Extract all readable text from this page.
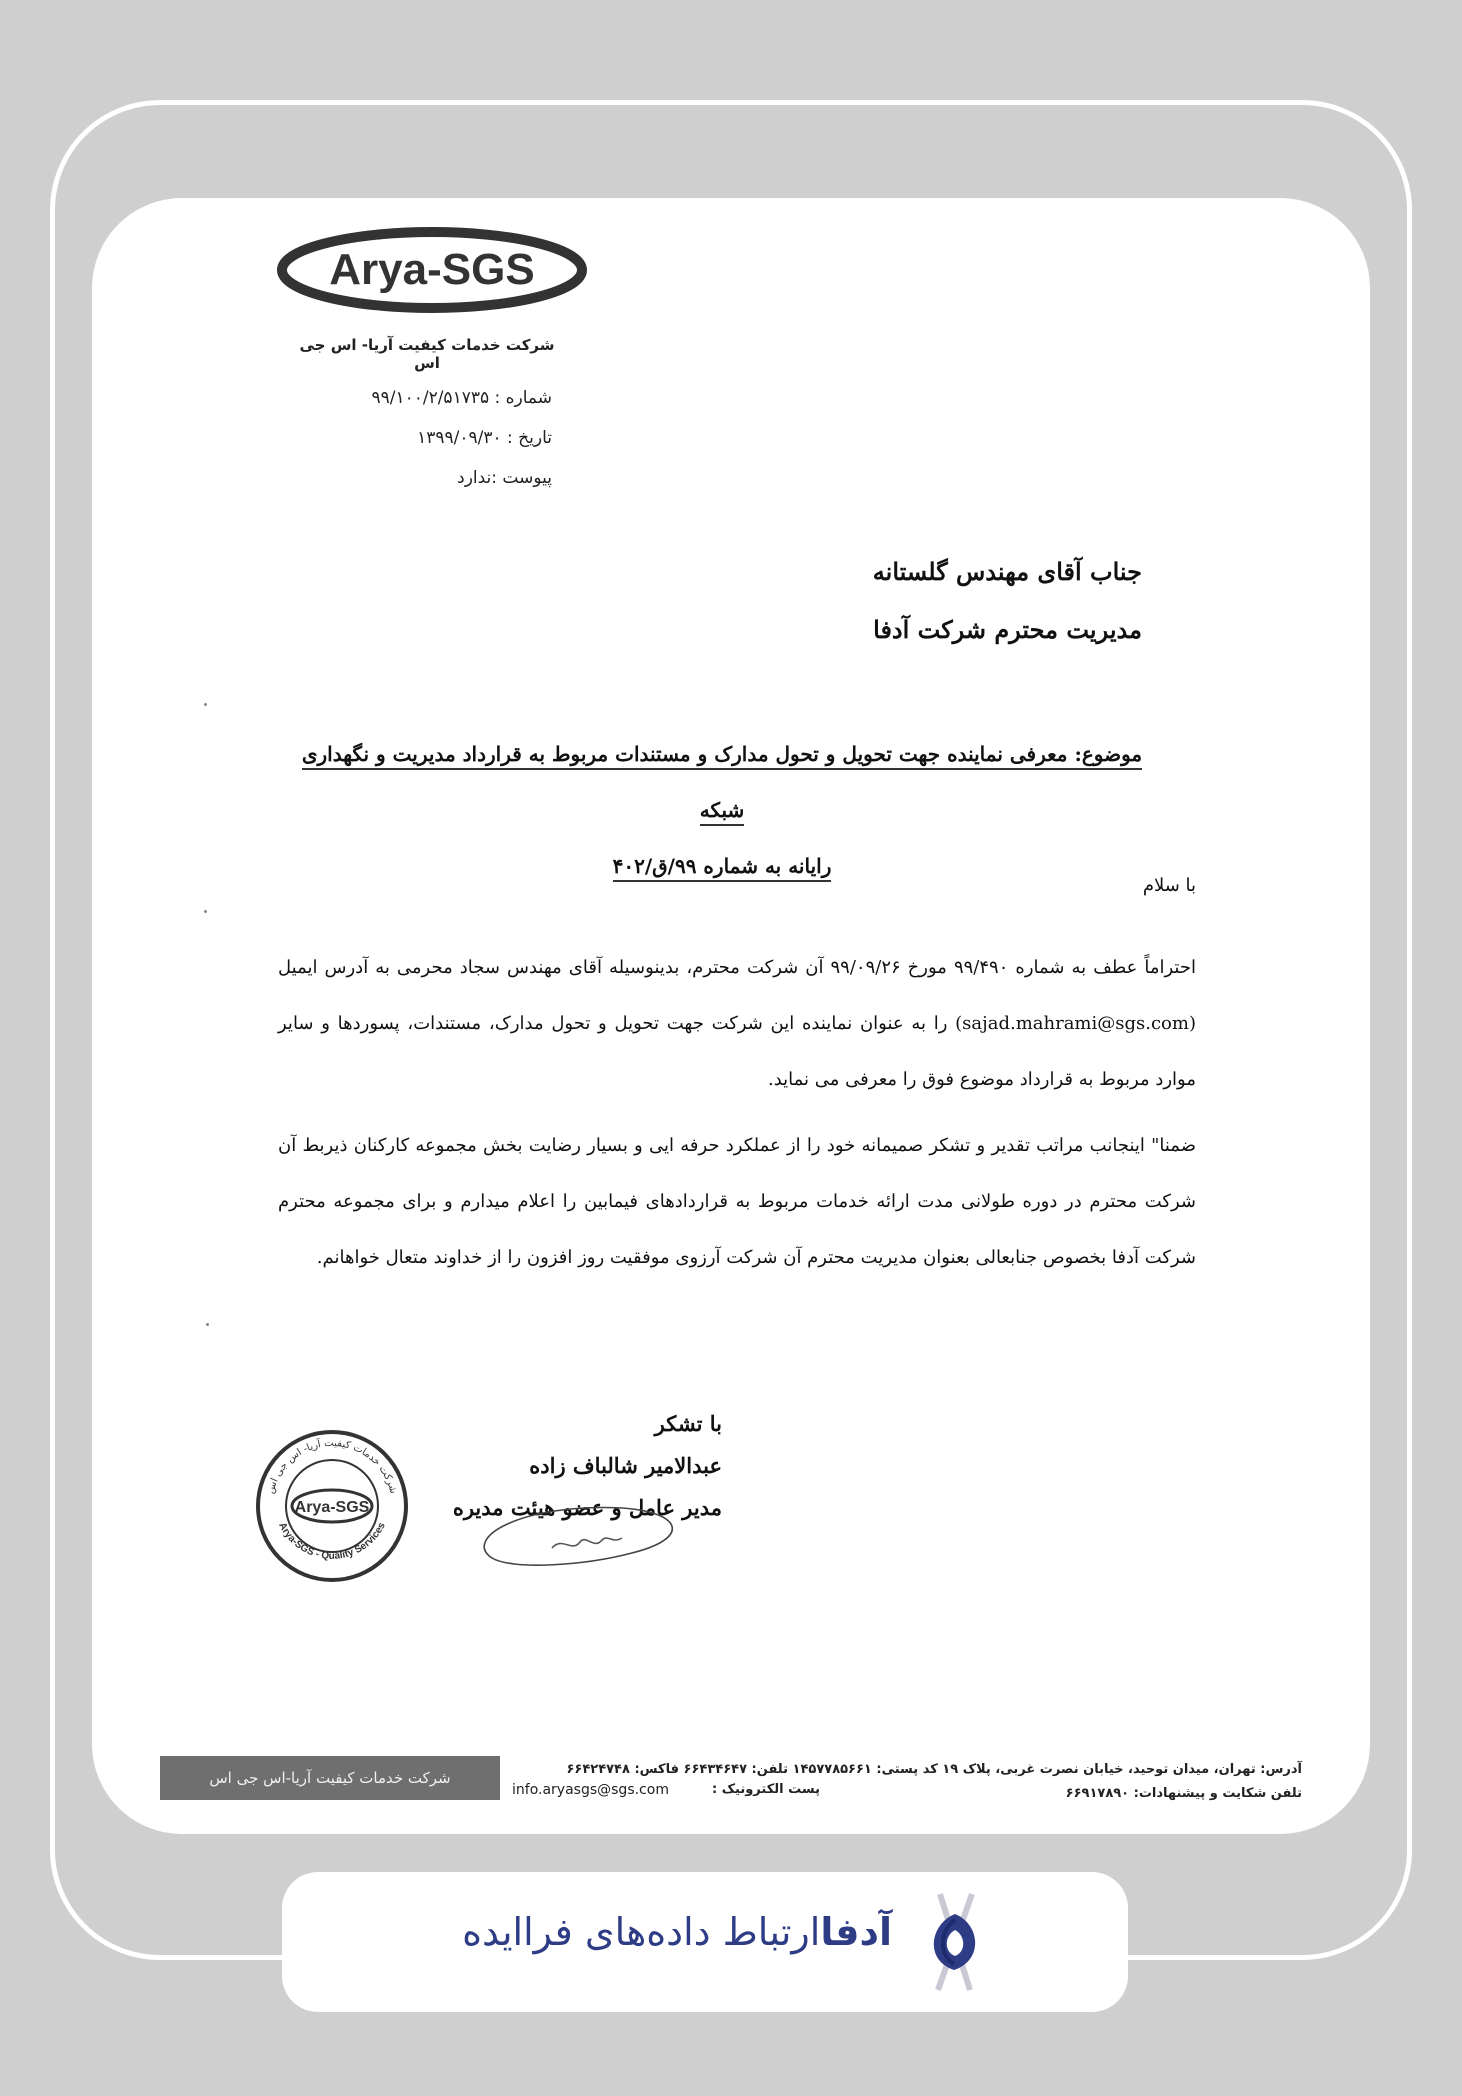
Arya-SGS
شرکت خدمات کیفیت آریا- اس جی اس
شماره : ۹۹/۱۰۰/۲/۵۱۷۳۵
تاریخ : ۱۳۹۹/۰۹/۳۰
پیوست :ندارد
جناب آقای مهندس گلستانه
مدیریت محترم شرکت آدفا
موضوع: معرفی نماینده جهت تحویل و تحول مدارک و مستندات مربوط به قرارداد مدیریت و نگهداری شبکه
رایانه به شماره ۹۹/ق/۴۰۲

با سلام

احتراماً عطف به شماره ۹۹/۴۹۰ مورخ ۹۹/۰۹/۲۶ آن شرکت محترم، بدینوسیله آقای مهندس سجاد محرمی به آدرس ایمیل (sajad.mahrami@sgs.com) را به عنوان نماینده این شرکت جهت تحویل و تحول مدارک، مستندات، پسوردها و سایر موارد مربوط به قرارداد موضوع فوق را معرفی می نماید.

ضمنا" اینجانب مراتب تقدیر و تشکر صمیمانه خود را از عملکرد حرفه ایی و بسیار رضایت بخش مجموعه کارکنان ذیربط آن شرکت محترم در دوره طولانی مدت ارائه خدمات مربوط به قراردادهای فیمابین را اعلام میدارم و برای مجموعه محترم شرکت آدفا بخصوص جنابعالی بعنوان مدیریت محترم آن شرکت آرزوی موفقیت روز افزون را از خداوند متعال خواهانم.

با تشکر
عبدالامیر شالباف زاده
مدیر عامل و عضو هیئت مدیره
Arya-SGS
شرکت خدمات کیفیت آریا- اس جی اس
Arya-SGS - Quality Services
شرکت خدمات کیفیت آریا-اس جی اس	آدرس: تهران، میدان توحید، خیابان نصرت غربی، پلاک ۱۹ کد پستی: ۱۴۵۷۷۸۵۶۶۱ تلفن: ۶۶۴۳۴۶۴۷ فاکس: ۶۶۴۲۴۷۴۸
تلفن شکایت و پیشنهادات: ۶۶۹۱۷۸۹۰
پست الکترونیک :
info.aryasgs@sgs.com
آدفاارتباط داده‌های فراایده
